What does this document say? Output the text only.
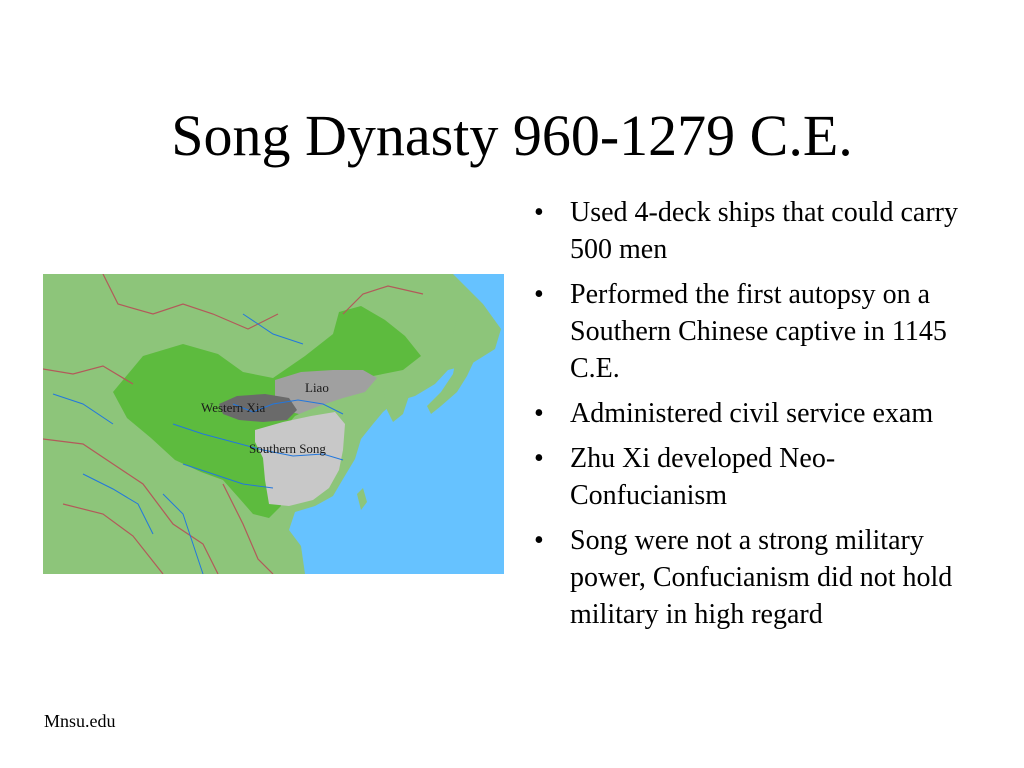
Song Dynasty 960-1279 C.E.
Liao
Western Xia
Southern Song
• Used 4-deck ships that could carry 500 men
• Performed the first autopsy on a Southern Chinese captive in 1145 C.E.
• Administered civil service exam
• Zhu Xi developed Neo-Confucianism
• Song were not a strong military power, Confucianism did not hold military in high regard
Mnsu.edu
